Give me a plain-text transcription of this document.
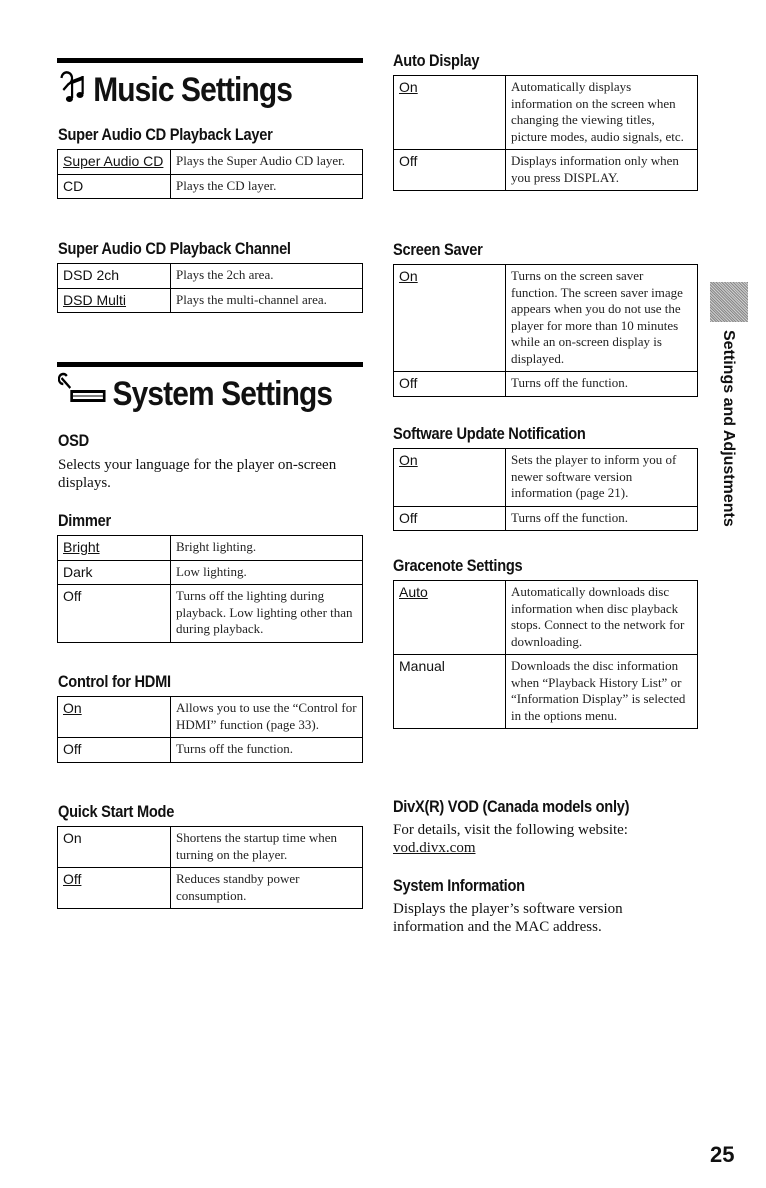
Music Settings
Super Audio CD Playback Layer
Super Audio CD	Plays the Super Audio CD layer.
CD	Plays the CD layer.
Super Audio CD Playback Channel
DSD 2ch	Plays the 2ch area.
DSD Multi	Plays the multi-channel area.
System Settings
OSD
Selects your language for the player on-screen displays.
Dimmer
Bright	Bright lighting.
Dark	Low lighting.
Off	Turns off the lighting during playback. Low lighting other than during playback.
Control for HDMI
On	Allows you to use the “Control for HDMI” function (page 33).
Off	Turns off the function.
Quick Start Mode
On	Shortens the startup time when turning on the player.
Off	Reduces standby power consumption.
Auto Display
On	Automatically displays information on the screen when changing the viewing titles, picture modes, audio signals, etc.
Off	Displays information only when you press DISPLAY.
Screen Saver
On	Turns on the screen saver function. The screen saver image appears when you do not use the player for more than 10 minutes while an on-screen display is displayed.
Off	Turns off the function.
Software Update Notification
On	Sets the player to inform you of newer software version information (page 21).
Off	Turns off the function.
Gracenote Settings
Auto	Automatically downloads disc information when disc playback stops. Connect to the network for downloading.
Manual	Downloads the disc information when “Playback History List” or “Information Display” is selected in the options menu.
DivX(R) VOD (Canada models only)
For details, visit the following website:
vod.divx.com
System Information
Displays the player’s software version information and the MAC address.
Settings and Adjustments
25
